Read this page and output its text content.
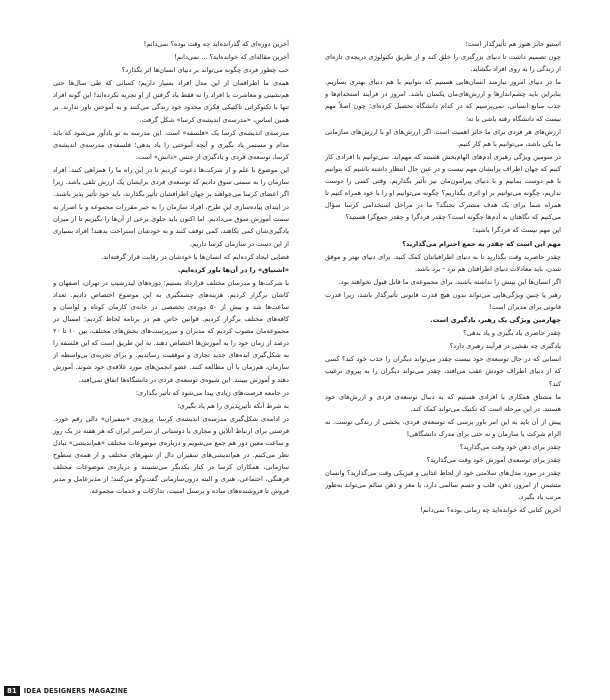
استیو جابز هنوز هم تأثیرگذار است؛

چون تصمیم داشت تا دنیای بزرگتری را خلق کند و از طریق تکنولوژی دریچه‌ی تازه‌ای از زندگی را به روی افراد بگشاید.

ما در دنیای امروز نیازمند انسان‌هایی هستیم که بتوانیم با هم دنیای بهتری بسازیم. بنابراین باید چشم‌اندازها و ارزش‌های‌مان یکسان باشد. امروز در فرآیند استخدام‌ها و جذب منابع انسانی، نمی‌پرسیم که در کدام دانشگاه تحصیل کرده‌ای؛ چون اصلاً مهم نیست که دانشگاه رفته باشی یا نه؛

ارزش‌های هر فردی برای ما حائز اهمیت است. اگر ارزش‌های او با ارزش‌های سازمانی ما یکی باشد، می‌توانیم با هم کار کنیم.

در سومین ویژگی رهبری آدم‌های الهام‌بخش هستند که مهم‌اند. نمی‌توانیم با افرادی کار کنیم که جهان اطراف برایشان مهم نیست و در عین حال انتظار داشته باشیم که بتوانیم با هم دوست بمانیم و با دنیای پیرامون‌مان نیز تأثیر بگذاریم. وقتی کسی را دوست نداریم، چگونه می‌توانیم بر او اثری بگذاریم؟ چگونه می‌توانیم او را با خود همراه کنیم تا همراه شما برای یک هدف مشترک بجنگد؟ ما در مراحل استخدامی کرسا سؤال می‌کنیم که نگاهتان به آدم‌ها چگونه است؟ چقدر فردگرا و چقدر جمع‌گرا هستید؟

این مهم نیست که فردگرا باشید؛

مهم این است که چقدر به جمع احترام می‌گذارید؟

چقدر حاضرید وقت بگذارید تا به دنیای اطرافیانتان کمک کنید. برای دنیای بهتر و موفق شدن، باید معادلات دنیای اطرافتان هم برد - برد باشد.

اگر انسان‌ها این بینش را نداشته باشند، برای مجموعه‌ی ما قابل قبول نخواهند بود.

رهبر یا چنین ویژگی‌هایی می‌تواند بدون هیچ قدرت قانونی تأثیرگذار باشد، زیرا قدرت قانونی برای مدیران است!

چهارمین ویژگی یک رهبر، یادگیری است.

چقدر حاضری یاد بگیری و یاد بدهی؟

یادگیری چه نقشی در فرآیند رهبری دارد؟

انسانی که در حال توسعه‌ی خود نیست چقدر می‌تواند دیگران را جذب خود کند؟ کسی که از دنیای اطراف خودش عقب می‌افتد، چقدر می‌تواند دیگران را به پیروی ترغیب کند؟

ما مشتاق همکاری با افرادی هستیم که به دنبال توسعه‌ی فردی و ارزش‌های خود هستند. در این مرحله است که تکنیک می‌تواند کمک کند.

پیش از آن باید به این امر باور برسی که توسعه‌ی فردی، بخشی از زندگی توست. نه الزام شرکت یا سازمان و نه حتی برای مدرک دانشگاهی!

چقدر برای ذهن خود وقت می‌گذارید؟

چقدر برای توسعه‌ی آموزش خود وقت می‌گذارید؟

چقدر در مورد مدل‌های سلامتی خود از لحاظ غذایی و فیزیکی وقت می‌گذارید؟ وانسان متشمن از امروز، ذهن، قلب و جسم سالمی دارد، یا مغز و ذهن سالم می‌تواند به‌طور مرتب یاد بگیرد.

آخرین کتابی که خوانده‌اید چه زمانی بوده؟ نمی‌دانم!

آخرین دوره‌ای که گذرانده‌اید چه وقت بوده؟ نمی‌دانم!

آخرین مقاله‌ای که خوانده‌اید؟ ... نمی‌دانم!

خب چطور فردی چگونه می‌تواند بر دنیای انسان‌ها اثر بگذارد؟

همه‌ی ما اطرافمان از این مدل افراد بسیار داریم؛ کسانی که طی سال‌ها حتی هم‌نشینی و معاشرت با افراد را نه فقط یاد گرفتن از او تجربه نکرده‌اند! این گونه افراد تنها با تکنوکراتی تاکتیکی فکری محدود خود زندگی می‌کنند و به آموختن باور ندارند. بر همین اساس، «مدرسه‌ی اندیشه‌ی کرسا» شکل گرفت.

مدرسه‌ی اندیشه‌ی کرسا یک «فلسفه» است. این مدرسه به تو یادآور می‌شود که باید مدام و مستمر یاد بگیری و آنچه آموختی را یاد بدهی؛ فلسفه‌ی مدرسه‌ی اندیشه‌ی کرسا، توسعه‌ی فردی و یادگیری از جنس «دانش» است.

این موضوع با علم و از شرکت‌ها دعوت کردیم تا در این راه ما را همراهی کنند. افراد سازمان را به سمتی سوق دادیم که توسعه‌ی فردی برایشان یک ارزش تلقی باشد. زیرا اگر اعضای کرسا می‌خواهند بر جهان اطرافشان تأثیر بگذارند، باید خود تأثیر پذیر باشند.

در ابتدای پیاده‌سازی این طرح، افراد سازمان را به جبر مقررات مجموعه و با اصرار به سمت آموزش سوق می‌دادیم. اما اکنون باید جلوی برخی از آن‌ها را بگیریم تا از میزان یادگیری‌شان کمی بکاهند، کمی توقف کنند و به خودشان استراحت بدهند! افراد بسیاری از این دست در سازمان کرسا داریم.

فضایی ایجاد کرده‌ایم که انسان‌ها با خودشان در رقابت قرار گرفته‌اند.

«اشتیاق» را در آن‌ها باور کرده‌ایم.

با شرکت‌ها و مدرسان مختلف قرارداد بستیم؛ دوره‌های لیدرشیپ در تهران، اصفهان و کاشان برگزار کردیم. هزینه‌های چشمگیری به این موضوع اختصاص دادیم. تعداد ساعت‌ها شد و بیش از ۵۰ دوره‌ی تخصصی در خانه‌ی کارمان کوتاه و لواسان و کافه‌های مختلف برگزار کردیم. قوانین خاص هم در برنامه لحاظ کردیم: امسال در مجموعه‌مان مصوب کردیم که مدیران و سرپرست‌های بخش‌های مختلف، بین ۱۰ تا ۲۰ درصد از زمان خود را به آموزش‌ها اختصاص دهند. به این طریق است که این فلسفه را به شکل‌گیری ایده‌های جدید تجاری و موفقیت رساندیم. و برای تجربه‌ی بی‌واسطه از سازمان، هم‌زمان با آن مطالعه کنند. عضو انجمن‌های مورد علاقه‌ی خود شوند. آموزش دهند و آموزش ببینند. این شیوه‌ی توسعه‌ی فردی در دانشگاه‌ها اتفاق نمی‌افتد.

در جامعه فرصت‌های زیادی پیدا می‌شود که تأثیر بگذاری؛

به شرط آنکه تأثیرپذیری را هم یاد بگیری؛

در ادامه‌ی شکل‌گیری مدرسه‌ی اندیشه‌ی کرسا، پروژه‌ی «سفیران» دالی رقم خورد. فرصتی برای ارتباط آنلاین و مجازی با دوستانی از سراسر ایران که هر هفته در یک روز و ساعت معین دور هم جمع می‌شویم و درباره‌ی موضوعات مختلف «هم‌اندیشی» تبادل نظر می‌کنیم. در هم‌اندیشی‌های سفیران دال از شهرهای مختلف و از همه‌ی سطوح سازمانی، همکاران کرسا در کنار یکدیگر می‌نشینند و درباره‌ی موضوعات مختلف فرهنگی، اجتماعی، هنری و البته درون‌سازمانی گفت‌وگو می‌کنند؛ از مدیرعامل و مدیر فروش تا فروشنده‌های ساده و پرسنل امنیت، تدارکات و خدمات مجموعه.

81	IDEA DESIGNERS MAGAZINE
